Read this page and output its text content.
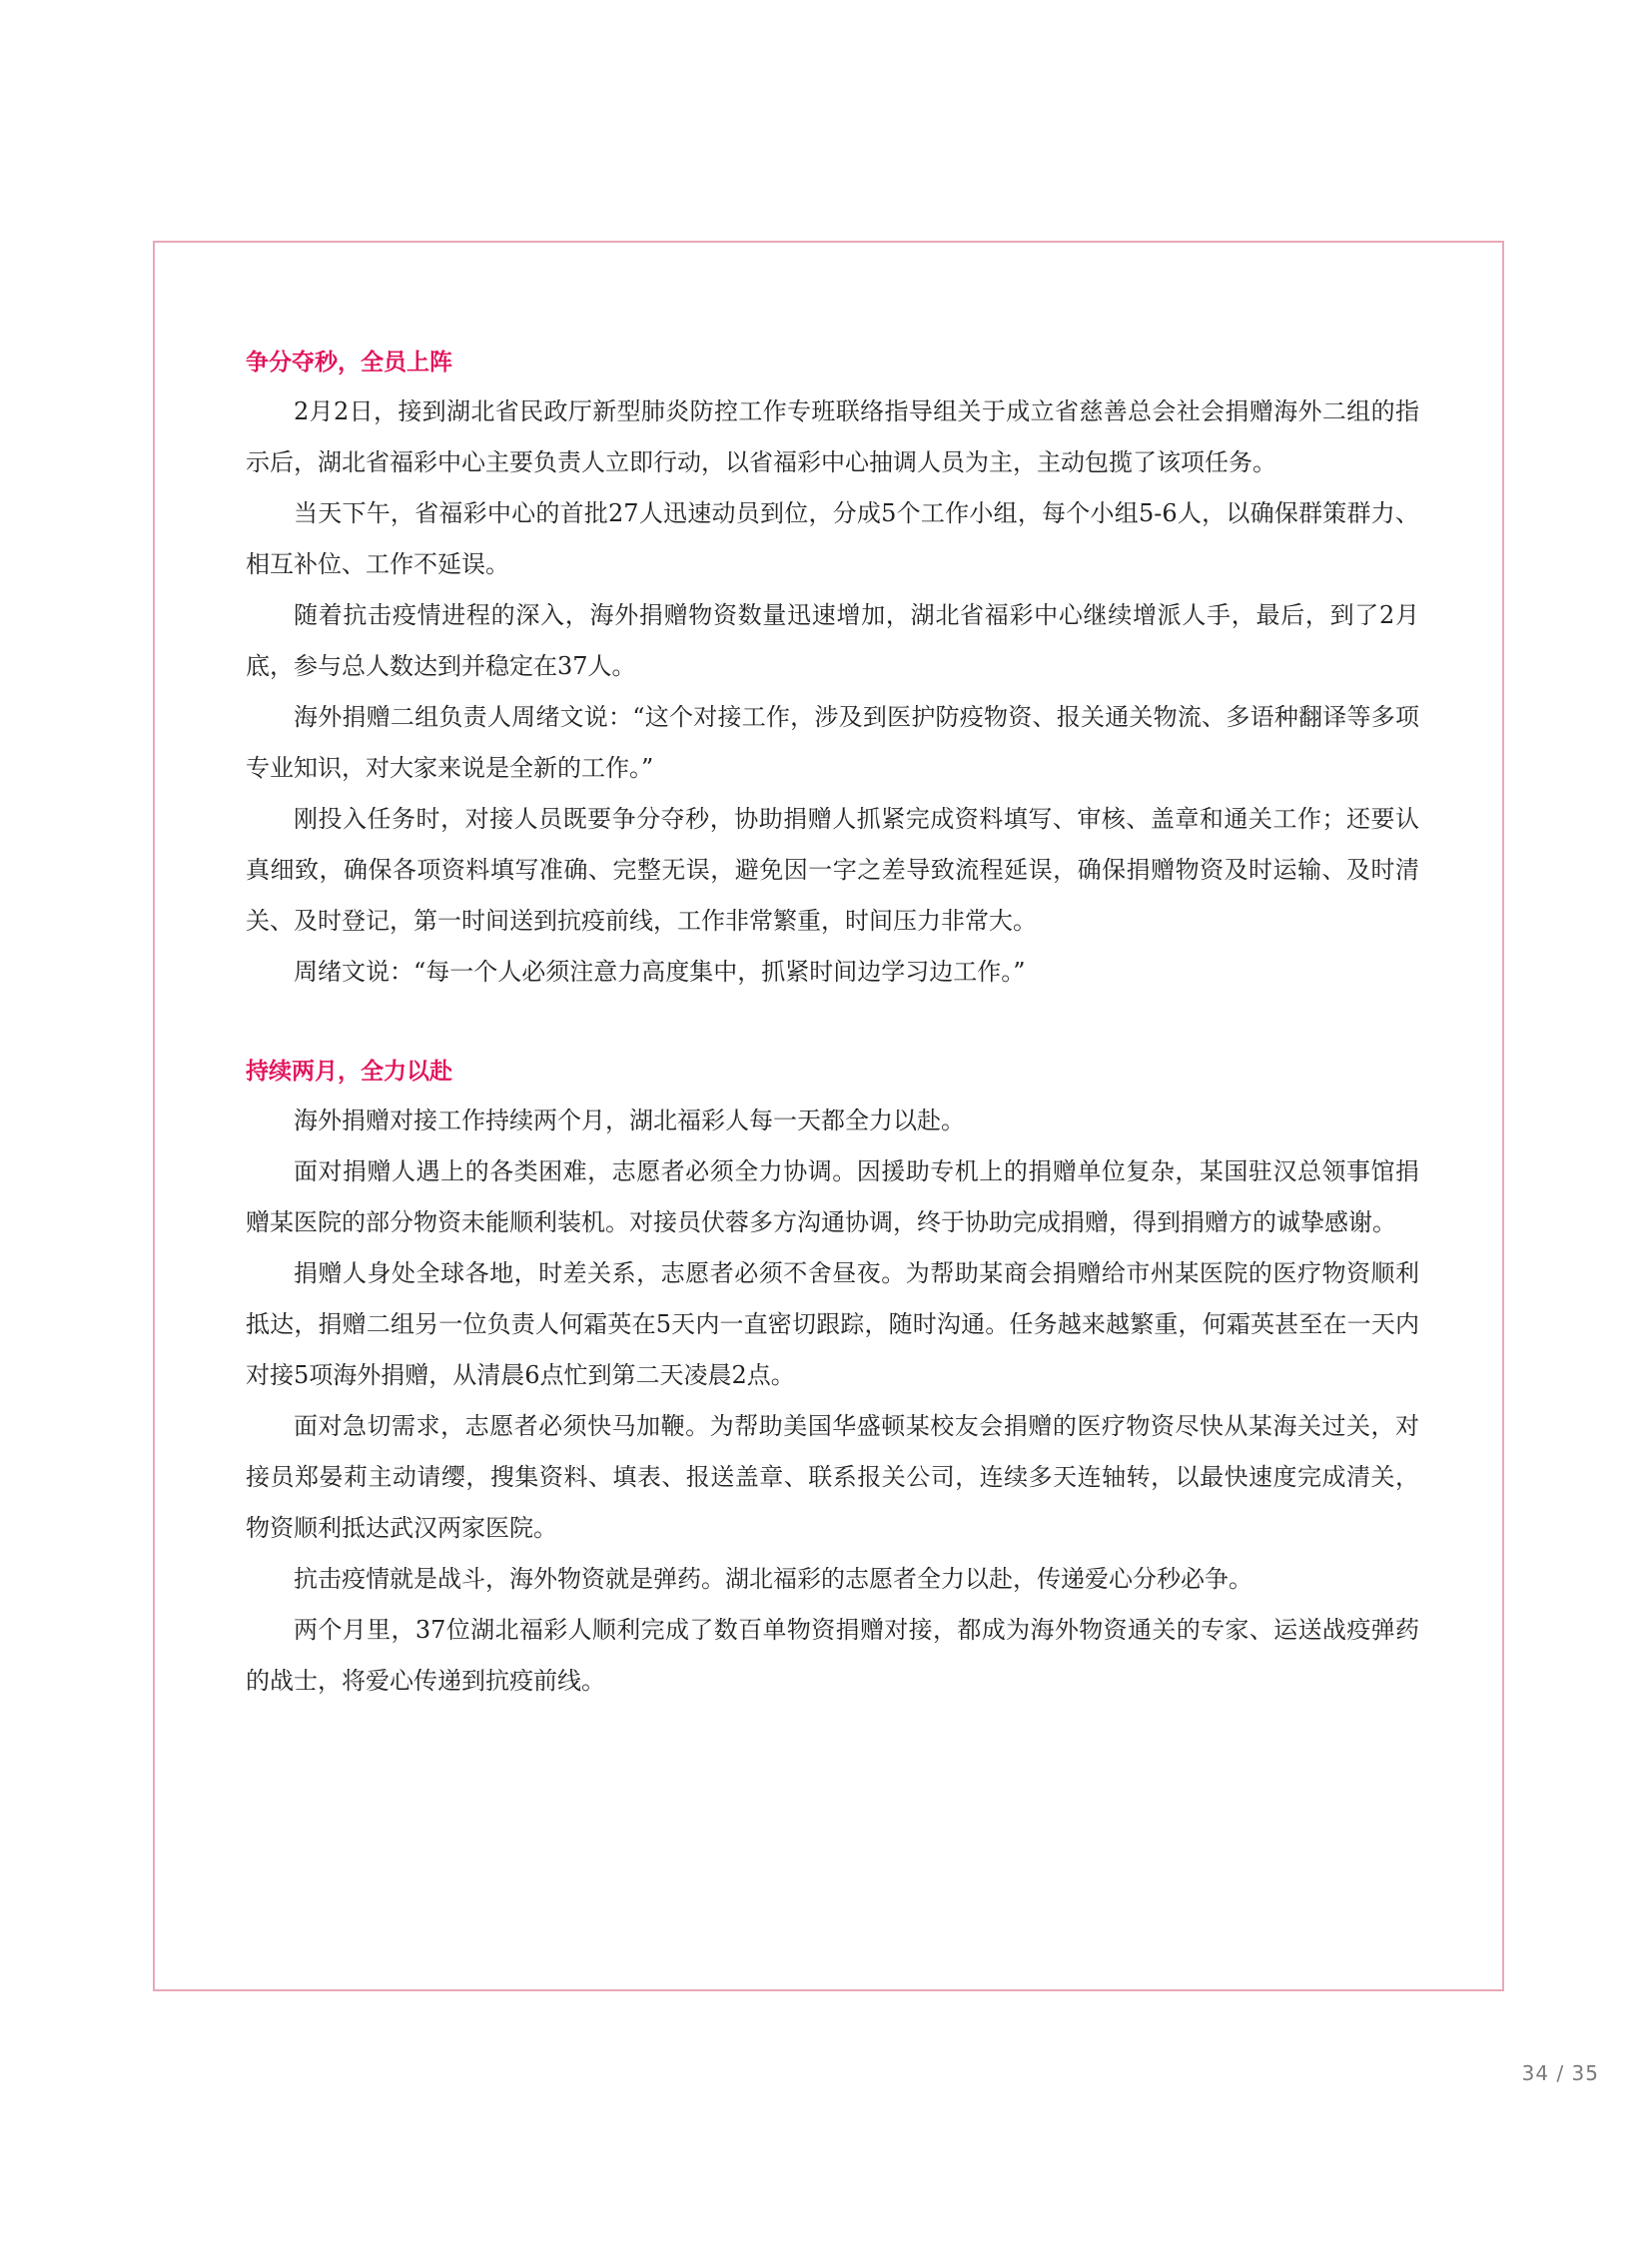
争分夺秒，全员上阵

2月2日，接到湖北省民政厅新型肺炎防控工作专班联络指导组关于成立省慈善总会社会捐赠海外二组的指示后，湖北省福彩中心主要负责人立即行动，以省福彩中心抽调人员为主，主动包揽了该项任务。

当天下午，省福彩中心的首批27人迅速动员到位，分成5个工作小组，每个小组5-6人，以确保群策群力、相互补位、工作不延误。

随着抗击疫情进程的深入，海外捐赠物资数量迅速增加，湖北省福彩中心继续增派人手，最后，到了2月底，参与总人数达到并稳定在37人。

海外捐赠二组负责人周绪文说：“这个对接工作，涉及到医护防疫物资、报关通关物流、多语种翻译等多项专业知识，对大家来说是全新的工作。”

刚投入任务时，对接人员既要争分夺秒，协助捐赠人抓紧完成资料填写、审核、盖章和通关工作；还要认真细致，确保各项资料填写准确、完整无误，避免因一字之差导致流程延误，确保捐赠物资及时运输、及时清关、及时登记，第一时间送到抗疫前线，工作非常繁重，时间压力非常大。

周绪文说：“每一个人必须注意力高度集中，抓紧时间边学习边工作。”

持续两月，全力以赴

海外捐赠对接工作持续两个月，湖北福彩人每一天都全力以赴。

面对捐赠人遇上的各类困难，志愿者必须全力协调。因援助专机上的捐赠单位复杂，某国驻汉总领事馆捐赠某医院的部分物资未能顺利装机。对接员伏蓉多方沟通协调，终于协助完成捐赠，得到捐赠方的诚挚感谢。

捐赠人身处全球各地，时差关系，志愿者必须不舍昼夜。为帮助某商会捐赠给市州某医院的医疗物资顺利抵达，捐赠二组另一位负责人何霜英在5天内一直密切跟踪，随时沟通。任务越来越繁重，何霜英甚至在一天内对接5项海外捐赠，从清晨6点忙到第二天凌晨2点。

面对急切需求，志愿者必须快马加鞭。为帮助美国华盛顿某校友会捐赠的医疗物资尽快从某海关过关，对接员郑晏莉主动请缨，搜集资料、填表、报送盖章、联系报关公司，连续多天连轴转，以最快速度完成清关，物资顺利抵达武汉两家医院。

抗击疫情就是战斗，海外物资就是弹药。湖北福彩的志愿者全力以赴，传递爱心分秒必争。

两个月里，37位湖北福彩人顺利完成了数百单物资捐赠对接，都成为海外物资通关的专家、运送战疫弹药的战士，将爱心传递到抗疫前线。

34 / 35
